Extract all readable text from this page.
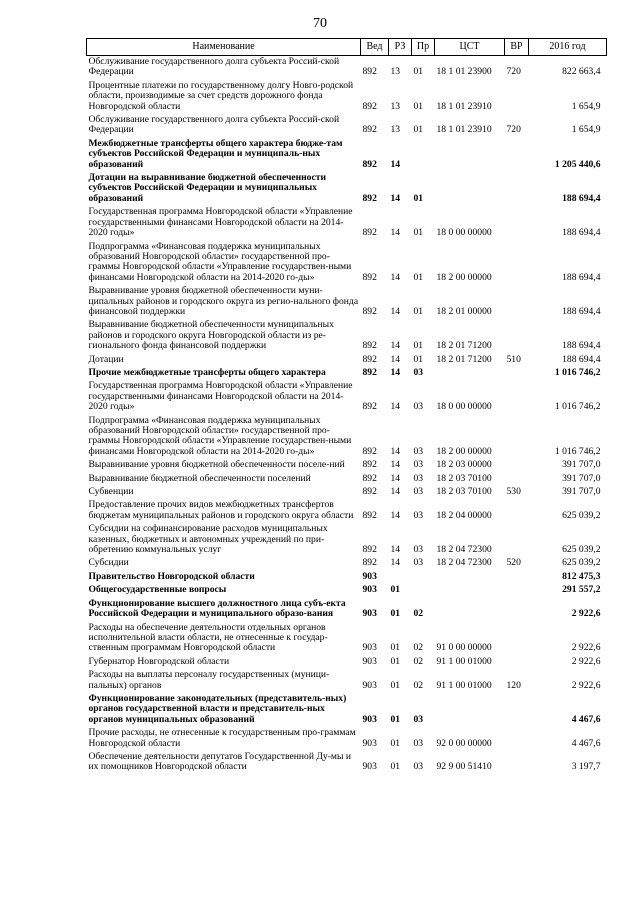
70
Наименование	Вед	РЗ	Пр	ЦСТ	ВР	2016 год
Обслуживание государственного долга субъекта Россий-ской Федерации	892	13	01	18 1 01 23900	720	822 663,4
Процентные платежи по государственному долгу Новго-родской области, производимые за счет средств дорожного фонда Новгородской области	892	13	01	18 1 01 23910		1 654,9
Обслуживание государственного долга субъекта Россий-ской Федерации	892	13	01	18 1 01 23910	720	1 654,9
Межбюджетные трансферты общего характера бюдже-там субъектов Российской Федерации и муниципаль-ных образований	892	14				1 205 440,6
Дотации на выравнивание бюджетной обеспеченности субъектов Российской Федерации и муниципальных образований	892	14	01			188 694,4
Государственная программа Новгородской области «Управление государственными финансами Новгородской области на 2014-2020 годы»	892	14	01	18 0 00 00000		188 694,4
Подпрограмма «Финансовая поддержка муниципальных образований Новгородской области» государственной про-граммы Новгородской области «Управление государствен-ными финансами Новгородской области на 2014-2020 го-ды»	892	14	01	18 2 00 00000		188 694,4
Выравнивание уровня бюджетной обеспеченности муни-ципальных районов и городского округа из регио-нального фонда финансовой поддержки	892	14	01	18 2 01 00000		188 694,4
Выравнивание бюджетной обеспеченности муниципальных районов и городского округа Новгородской области из ре-гионального фонда финансовой поддержки	892	14	01	18 2 01 71200		188 694,4
Дотации	892	14	01	18 2 01 71200	510	188 694,4
Прочие межбюджетные трансферты общего характера	892	14	03			1 016 746,2
Государственная программа Новгородской области «Управление государственными финансами Новгородской области на 2014-2020 годы»	892	14	03	18 0 00 00000		1 016 746,2
Подпрограмма «Финансовая поддержка муниципальных образований Новгородской области» государственной про-граммы Новгородской области «Управление государствен-ными финансами Новгородской области на 2014-2020 го-ды»	892	14	03	18 2 00 00000		1 016 746,2
Выравнивание уровня бюджетной обеспеченности поселе-ний	892	14	03	18 2 03 00000		391 707,0
Выравнивание бюджетной обеспеченности поселений	892	14	03	18 2 03 70100		391 707,0
Субвенции	892	14	03	18 2 03 70100	530	391 707,0
Предоставление прочих видов межбюджетных трансфертов бюджетам муниципальных районов и городского округа области	892	14	03	18 2 04 00000		625 039,2
Субсидии на софинансирование расходов муниципальных казенных, бюджетных и автономных учреждений по при-обретению коммунальных услуг	892	14	03	18 2 04 72300		625 039,2
Субсидии	892	14	03	18 2 04 72300	520	625 039,2
Правительство Новгородской области	903					812 475,3
Общегосударственные вопросы	903	01				291 557,2
Функционирование высшего должностного лица субъ-екта Российской Федерации и муниципального образо-вания	903	01	02			2 922,6
Расходы на обеспечение деятельности отдельных органов исполнительной власти области, не отнесенные к государ-ственным программам Новгородской области	903	01	02	91 0 00 00000		2 922,6
Губернатор Новгородской области	903	01	02	91 1 00 01000		2 922,6
Расходы на выплаты персоналу государственных (муници-пальных) органов	903	01	02	91 1 00 01000	120	2 922,6
Функционирование законодательных (представитель-ных) органов государственной власти и представитель-ных органов муниципальных образований	903	01	03			4 467,6
Прочие расходы, не отнесенные к государственным про-граммам Новгородской области	903	01	03	92 0 00 00000		4 467,6
Обеспечение деятельности депутатов Государственной Ду-мы и их помощников Новгородской области	903	01	03	92 9 00 51410		3 197,7
